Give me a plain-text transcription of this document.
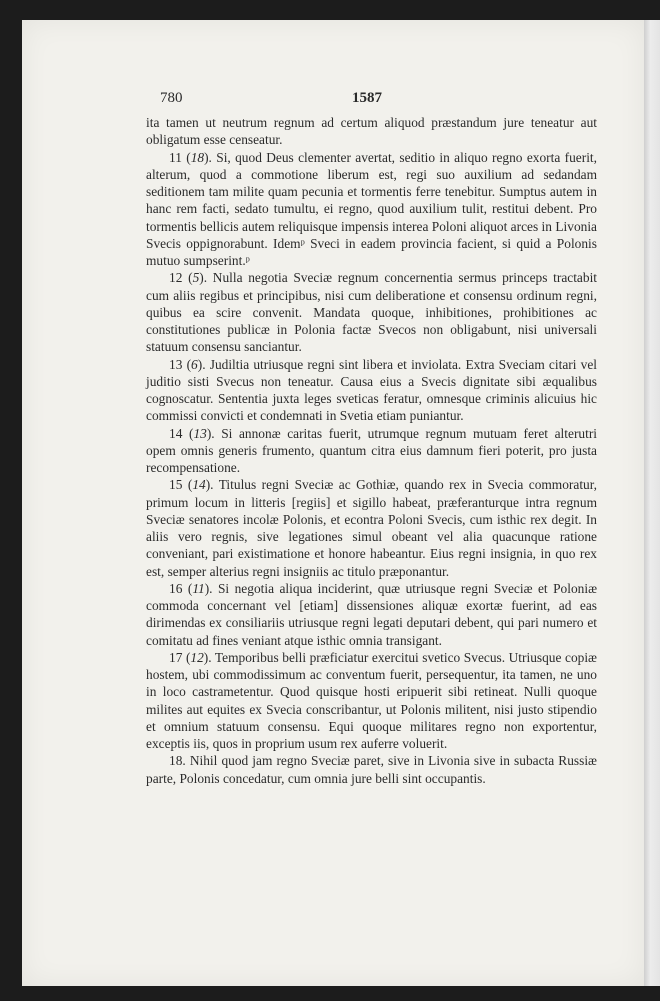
780	1587

ita tamen ut neutrum regnum ad certum aliquod præstandum jure teneatur aut obligatum esse censeatur.

11 (18). Si, quod Deus clementer avertat, seditio in aliquo regno exorta fuerit, alterum, quod a commotione liberum est, regi suo auxilium ad sedandam seditionem tam milite quam pecunia et tormentis ferre tenebitur. Sumptus autem in hanc rem facti, sedato tumultu, ei regno, quod auxilium tulit, restitui debent. Pro tormentis bellicis autem reliquisque impensis interea Poloni aliquot arces in Livonia Svecis oppignorabunt. Idemᵖ Sveci in eadem provincia facient, si quid a Polonis mutuo sumpserint.ᵖ

12 (5). Nulla negotia Sveciæ regnum concernentia sermus princeps tractabit cum aliis regibus et principibus, nisi cum deliberatione et consensu ordinum regni, quibus ea scire convenit. Mandata quoque, inhibitiones, prohibitiones ac constitutiones publicæ in Polonia factæ Svecos non obligabunt, nisi universali statuum consensu sanciantur.

13 (6). Judiltia utriusque regni sint libera et inviolata. Extra Sveciam citari vel juditio sisti Svecus non teneatur. Causa eius a Svecis dignitate sibi æqualibus cognoscatur. Sententia juxta leges sveticas feratur, omnesque criminis alicuius hic commissi convicti et condemnati in Svetia etiam puniantur.

14 (13). Si annonæ caritas fuerit, utrumque regnum mutuam feret alterutri opem omnis generis frumento, quantum citra eius damnum fieri poterit, pro justa recompensatione.

15 (14). Titulus regni Sveciæ ac Gothiæ, quando rex in Svecia commoratur, primum locum in litteris [regiis] et sigillo habeat, præferanturque intra regnum Sveciæ senatores incolæ Polonis, et econtra Poloni Svecis, cum isthic rex degit. In aliis vero regnis, sive legationes simul obeant vel alia quacunque ratione conveniant, pari existimatione et honore habeantur. Eius regni insignia, in quo rex est, semper alterius regni insigniis ac titulo præponantur.

16 (11). Si negotia aliqua inciderint, quæ utriusque regni Sveciæ et Poloniæ commoda concernant vel [etiam] dissensiones aliquæ exortæ fuerint, ad eas dirimendas ex consiliariis utriusque regni legati deputari debent, qui pari numero et comitatu ad fines veniant atque isthic omnia transigant.

17 (12). Temporibus belli præficiatur exercitui svetico Svecus. Utriusque copiæ hostem, ubi commodissimum ac conventum fuerit, persequentur, ita tamen, ne uno in loco castrametentur. Quod quisque hosti eripuerit sibi retineat. Nulli quoque milites aut equites ex Svecia conscribantur, ut Polonis militent, nisi justo stipendio et omnium statuum consensu. Equi quoque militares regno non exportentur, exceptis iis, quos in proprium usum rex auferre voluerit.

18. Nihil quod jam regno Sveciæ paret, sive in Livonia sive in subacta Russiæ parte, Polonis concedatur, cum omnia jure belli sint occupantis.
